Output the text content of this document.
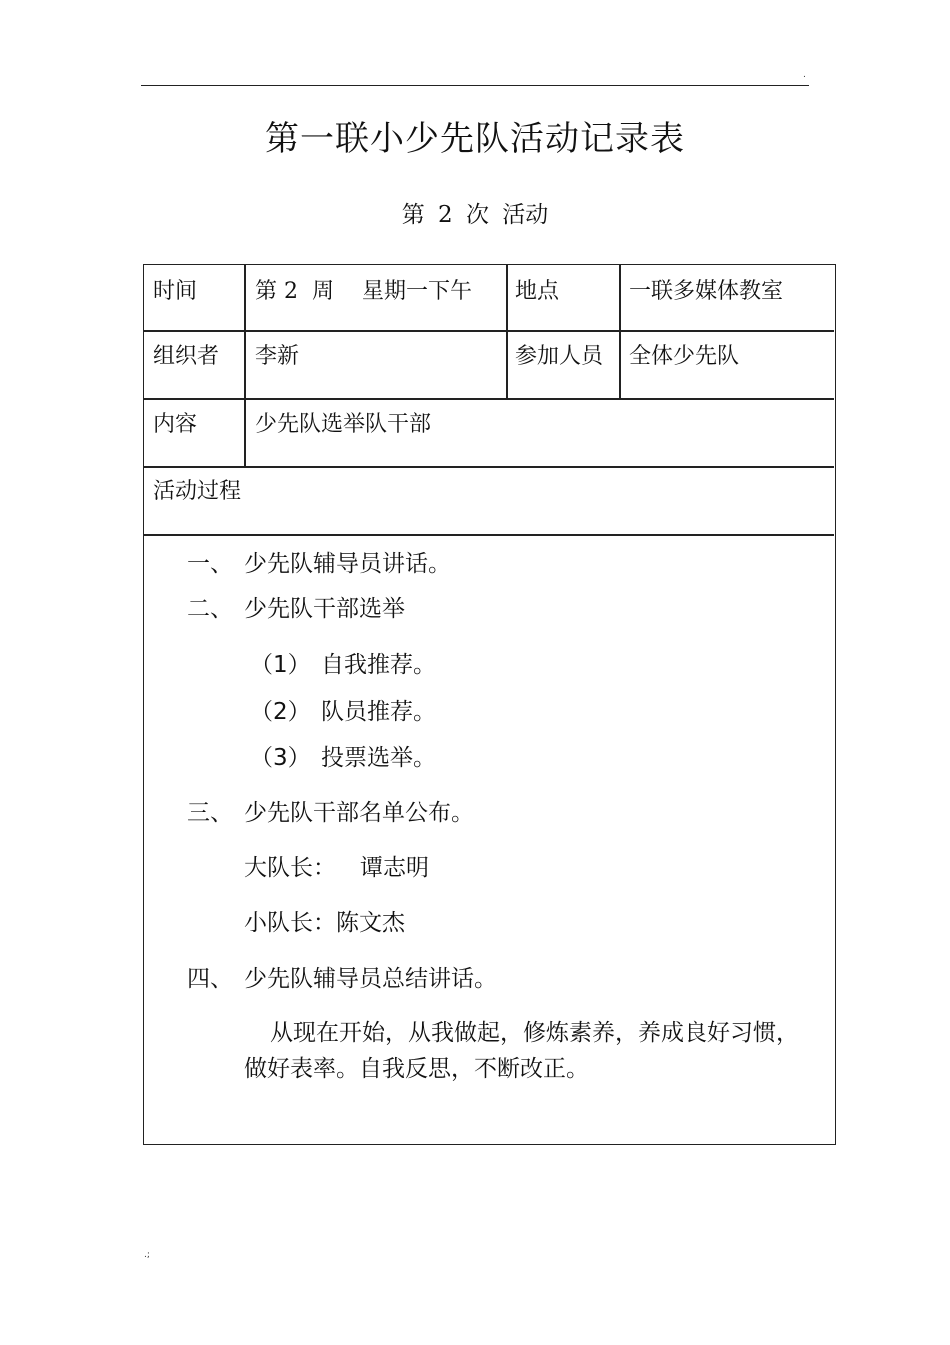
.
第一联小少先队活动记录表
第 2 次 活动
时间	第 2  周    星期一下午 地点	一联多媒体教室
组织者 李新	参加人员 全体少先队
内容	少先队选举队干部
活动过程
一、 少先队辅导员讲话。
二、 少先队干部选举
（1） 自我推荐。
（2） 队员推荐。
（3） 投票选举。
三、 少先队干部名单公布。
大队长： 谭志明
小队长：陈文杰
四、 少先队辅导员总结讲话。
从现在开始，从我做起，修炼素养，养成良好习惯，
做好表率。自我反思，不断改正。
.;
